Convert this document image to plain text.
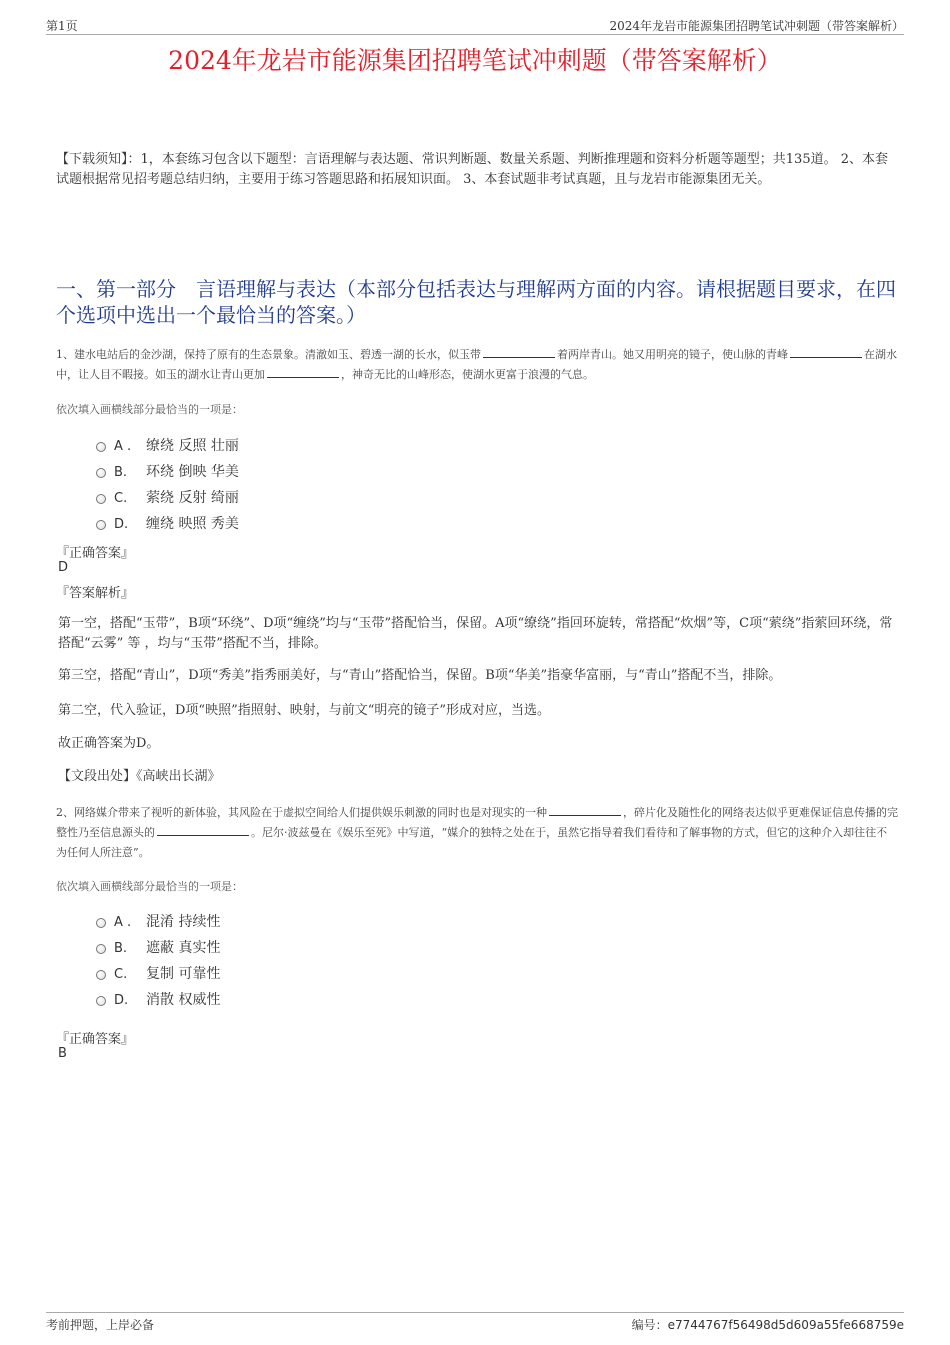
第1页	2024年龙岩市能源集团招聘笔试冲刺题（带答案解析）
2024年龙岩市能源集团招聘笔试冲刺题（带答案解析）
【下载须知】：1，本套练习包含以下题型：言语理解与表达题、常识判断题、数量关系题、判断推理题和资料分析题等题型；共135道。 2、本套试题根据常见招考题总结归纳，主要用于练习答题思路和拓展知识面。 3、本套试题非考试真题，且与龙岩市能源集团无关。
一、第一部分　言语理解与表达（本部分包括表达与理解两方面的内容。请根据题目要求，在四个选项中选出一个最恰当的答案。）
1、建水电站后的金沙湖，保持了原有的生态景象。清澈如玉、碧透一湖的长水，似玉带	着两岸青山。她又用明亮的镜子，使山脉的青峰	在湖水中，让人目不暇接。如玉的湖水让青山更加	，神奇无比的山峰形态，使湖水更富于浪漫的气息。
依次填入画横线部分最恰当的一项是：
A . 缭绕 反照 壮丽
B. 环绕 倒映 华美
C. 萦绕 反射 绮丽
D. 缠绕 映照 秀美
『正确答案』
D
『答案解析』
第一空，搭配“玉带”，B项“环绕”、D项“缠绕”均与“玉带”搭配恰当，保留。A项“缭绕”指回环旋转，常搭配“炊烟”等，C项“萦绕”指萦回环绕，常搭配“云雾” 等 ，均与“玉带”搭配不当，排除。
第三空，搭配“青山”，D项“秀美”指秀丽美好，与“青山”搭配恰当，保留。B项“华美”指豪华富丽，与“青山”搭配不当，排除。
第二空，代入验证，D项“映照”指照射、映射，与前文“明亮的镜子”形成对应，当选。
故正确答案为D。
【文段出处】《高峡出长湖》
2、网络媒介带来了视听的新体验，其风险在于虚拟空间给人们提供娱乐刺激的同时也是对现实的一种	，碎片化及随性化的网络表达似乎更难保证信息传播的完整性乃至信息源头的	。尼尔·波兹曼在《娱乐至死》中写道，“媒介的独特之处在于，虽然它指导着我们看待和了解事物的方式，但它的这种介入却往往不为任何人所注意”。
依次填入画横线部分最恰当的一项是：
A . 混淆 持续性
B. 遮蔽 真实性
C. 复制 可靠性
D. 消散 权威性
『正确答案』
B
考前押题，上岸必备	编号：e7744767f56498d5d609a55fe668759e
